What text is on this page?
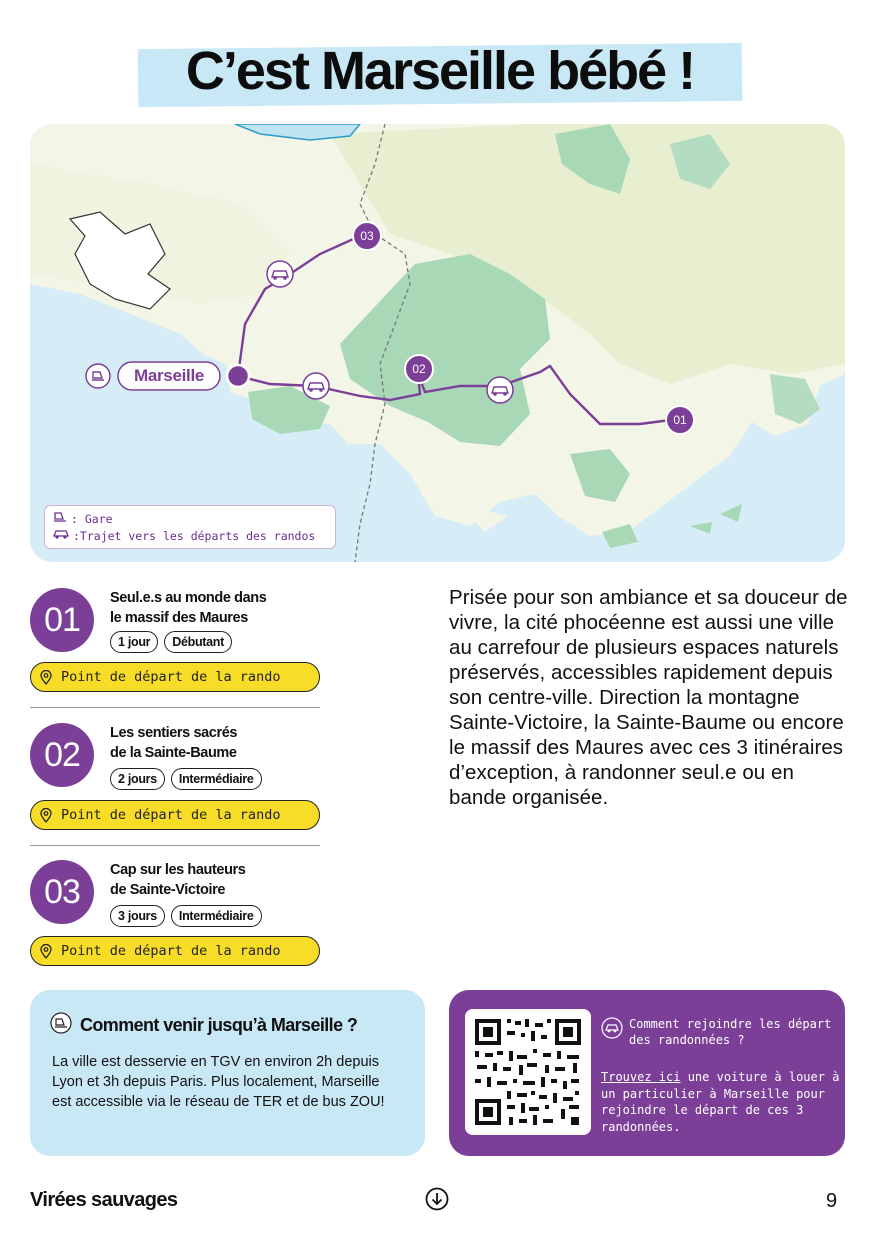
C’est Marseille bébé !
03
02
01
Marseille
: Gare
:Trajet vers les départs des randos
01
Seul.e.s au monde dans
le massif des Maures
1 jour	Débutant
Point de départ de la rando
02
Les sentiers sacrés
de la Sainte-Baume
2 jours	Intermédiaire
Point de départ de la rando
03
Cap sur les hauteurs
de Sainte-Victoire
3 jours	Intermédiaire
Point de départ de la rando
Prisée pour son ambiance et sa douceur de vivre, la cité phocéenne est aussi une ville au carrefour de plusieurs espaces naturels préservés, accessibles rapidement depuis son centre-ville. Direction la montagne Sainte-Victoire, la Sainte-Baume ou encore le massif des Maures avec ces 3 itinéraires d’exception, à randonner seul.e ou en bande organisée.
Comment venir jusqu’à Marseille ?
La ville est desservie en TGV en environ 2h depuis Lyon et 3h depuis Paris. Plus localement, Marseille est accessible via le réseau de TER et de bus ZOU!
Comment rejoindre les départ des randonnées ?
Trouvez ici une voiture à louer à un particulier à Marseille pour rejoindre le départ de ces 3 randonnées.
Virées sauvages	9
